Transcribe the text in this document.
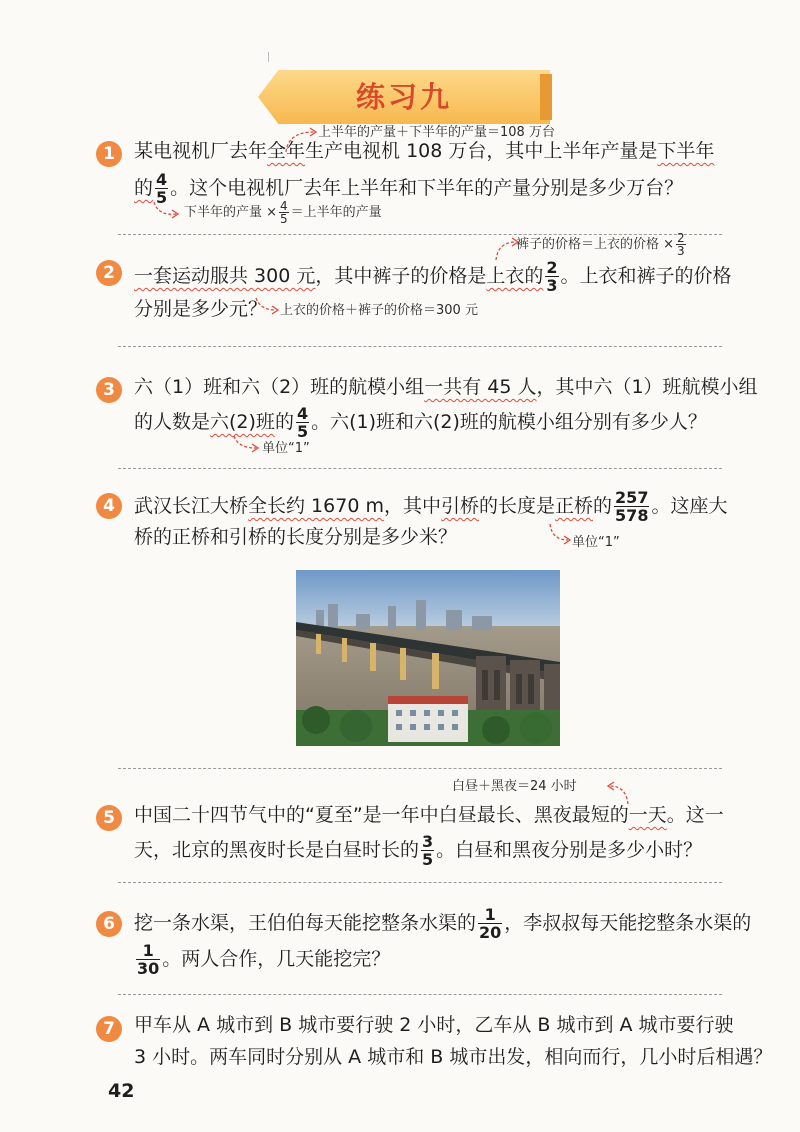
练习九
1
上半年的产量＋下半年的产量＝108 万台
某电视机厂去年全年生产电视机 108 万台，其中上半年产量是下半年
的 $\frac{4}{5}$ 。这个电视机厂去年上半年和下半年的产量分别是多少万台？
下半年的产量 × $\frac{4}{5}$ ＝上半年的产量
2
裤子的价格＝上衣的价格 × $\frac{2}{3}$
一套运动服共 300 元，其中裤子的价格是上衣的 $\frac{2}{3}$ 。上衣和裤子的价格
分别是多少元？ 上衣的价格＋裤子的价格＝300 元
3	六（1）班和六（2）班的航模小组一共有 45 人，其中六（1）班航模小组
的人数是六(2)班的 $\frac{4}{5}$ 。六(1)班和六(2)班的航模小组分别有多少人？
单位“1”
4	武汉长江大桥全长约 1670 m，其中引桥的长度是正桥的 $\frac{257}{578}$ 。这座大
桥的正桥和引桥的长度分别是多少米？	单位“1”
白昼＋黑夜＝24 小时
5	中国二十四节气中的“夏至”是一年中白昼最长、黑夜最短的一天。这一
天，北京的黑夜时长是白昼时长的 $\frac{3}{5}$ 。白昼和黑夜分别是多少小时？
6	挖一条水渠，王伯伯每天能挖整条水渠的 $\frac{1}{20}$ ，李叔叔每天能挖整条水渠的
$\frac{1}{30}$ 。两人合作，几天能挖完？
7	甲车从 A 城市到 B 城市要行驶 2 小时，乙车从 B 城市到 A 城市要行驶
3 小时。两车同时分别从 A 城市和 B 城市出发，相向而行，几小时后相遇？
42
